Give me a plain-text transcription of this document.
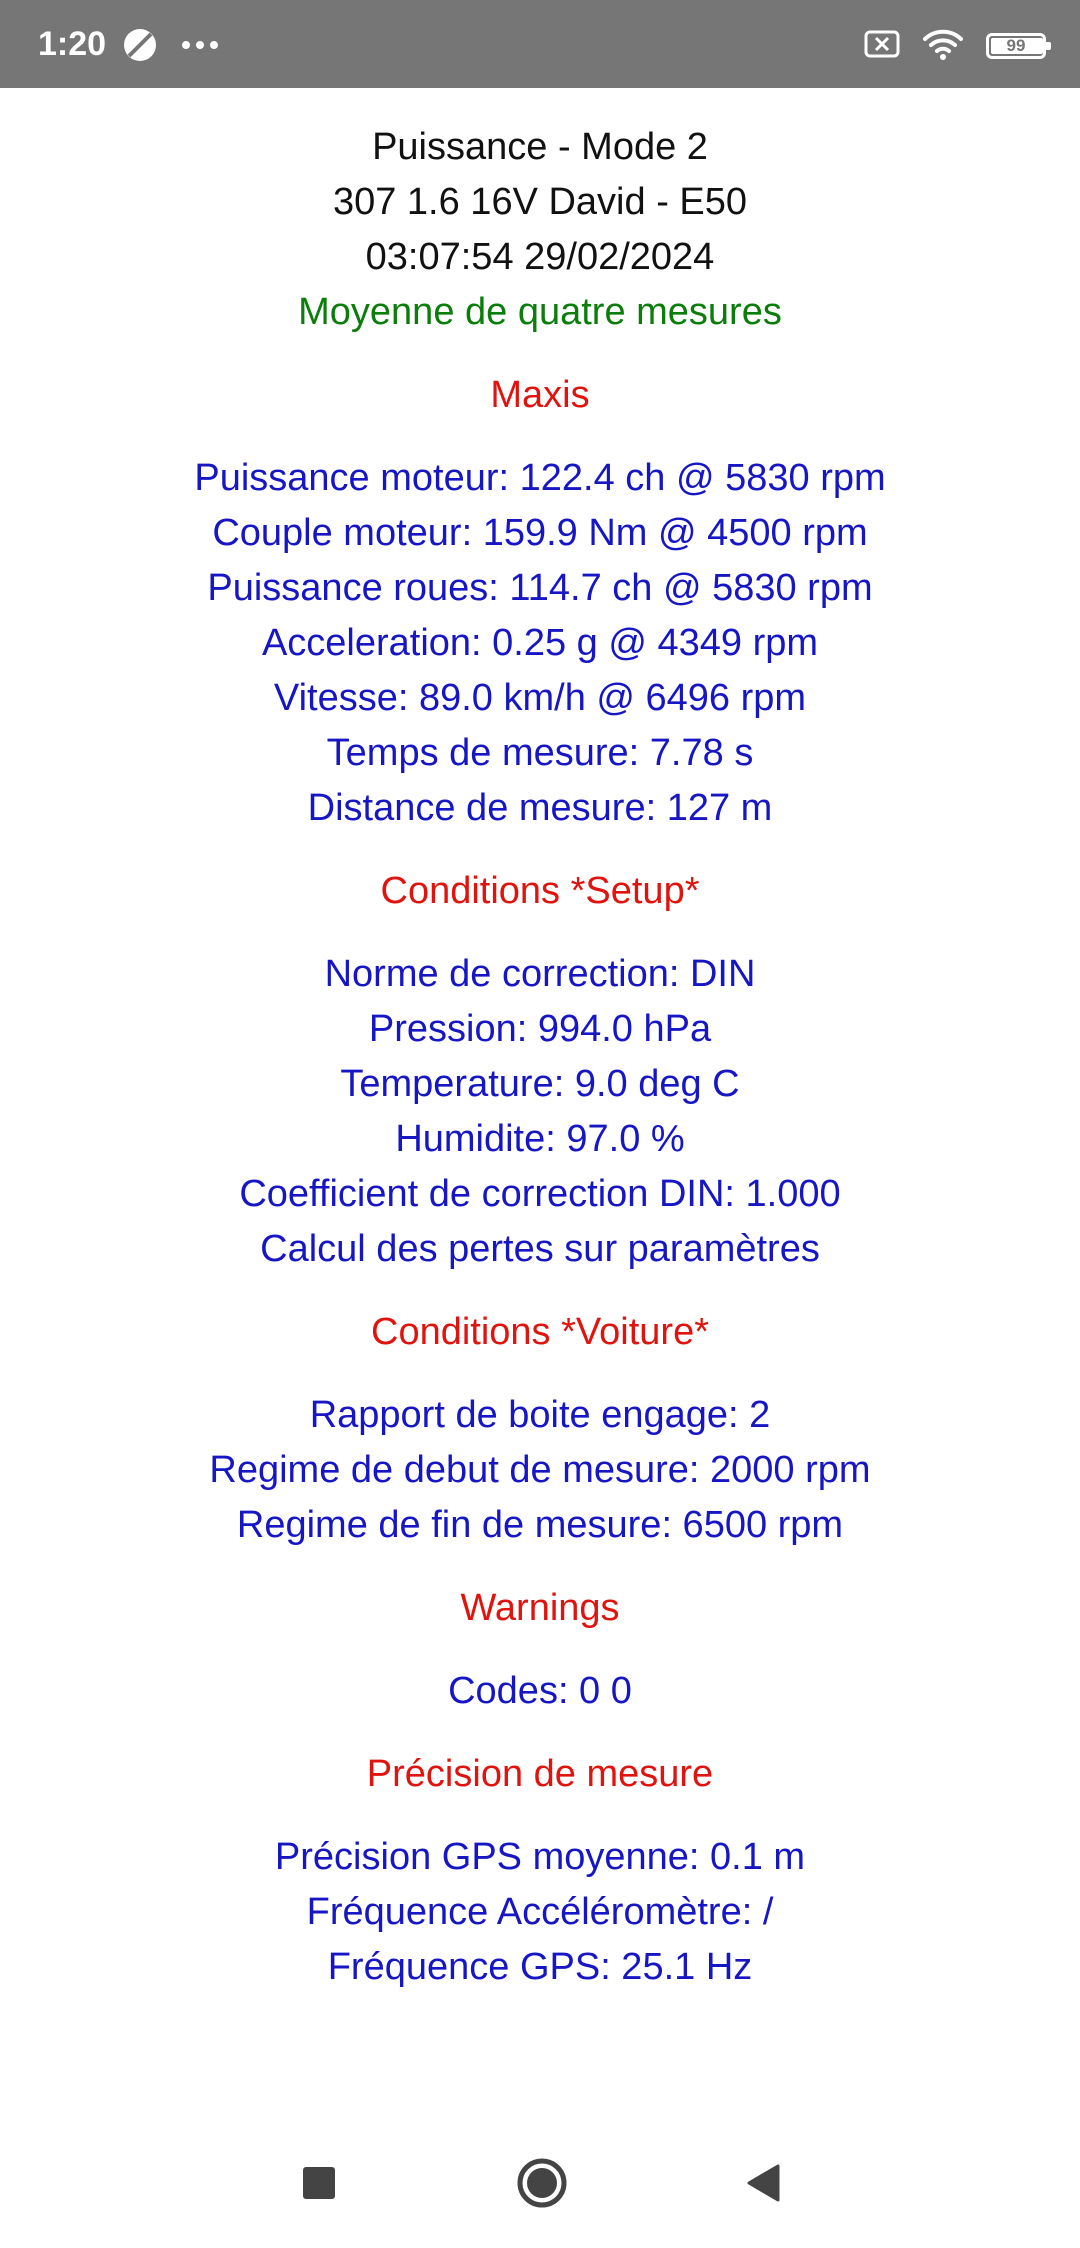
1:20	99
Puissance - Mode 2
307 1.6 16V David - E50
03:07:54 29/02/2024
Moyenne de quatre mesures
Maxis
Puissance moteur: 122.4 ch @ 5830 rpm
Couple moteur: 159.9 Nm @ 4500 rpm
Puissance roues: 114.7 ch @ 5830 rpm
Acceleration: 0.25 g @ 4349 rpm
Vitesse: 89.0 km/h @ 6496 rpm
Temps de mesure: 7.78 s
Distance de mesure: 127 m
Conditions *Setup*
Norme de correction: DIN
Pression: 994.0 hPa
Temperature: 9.0 deg C
Humidite: 97.0 %
Coefficient de correction DIN: 1.000
Calcul des pertes sur paramètres
Conditions *Voiture*
Rapport de boite engage: 2
Regime de debut de mesure: 2000 rpm
Regime de fin de mesure: 6500 rpm
Warnings
Codes: 0 0
Précision de mesure
Précision GPS moyenne: 0.1 m
Fréquence Accéléromètre: /
Fréquence GPS: 25.1 Hz
